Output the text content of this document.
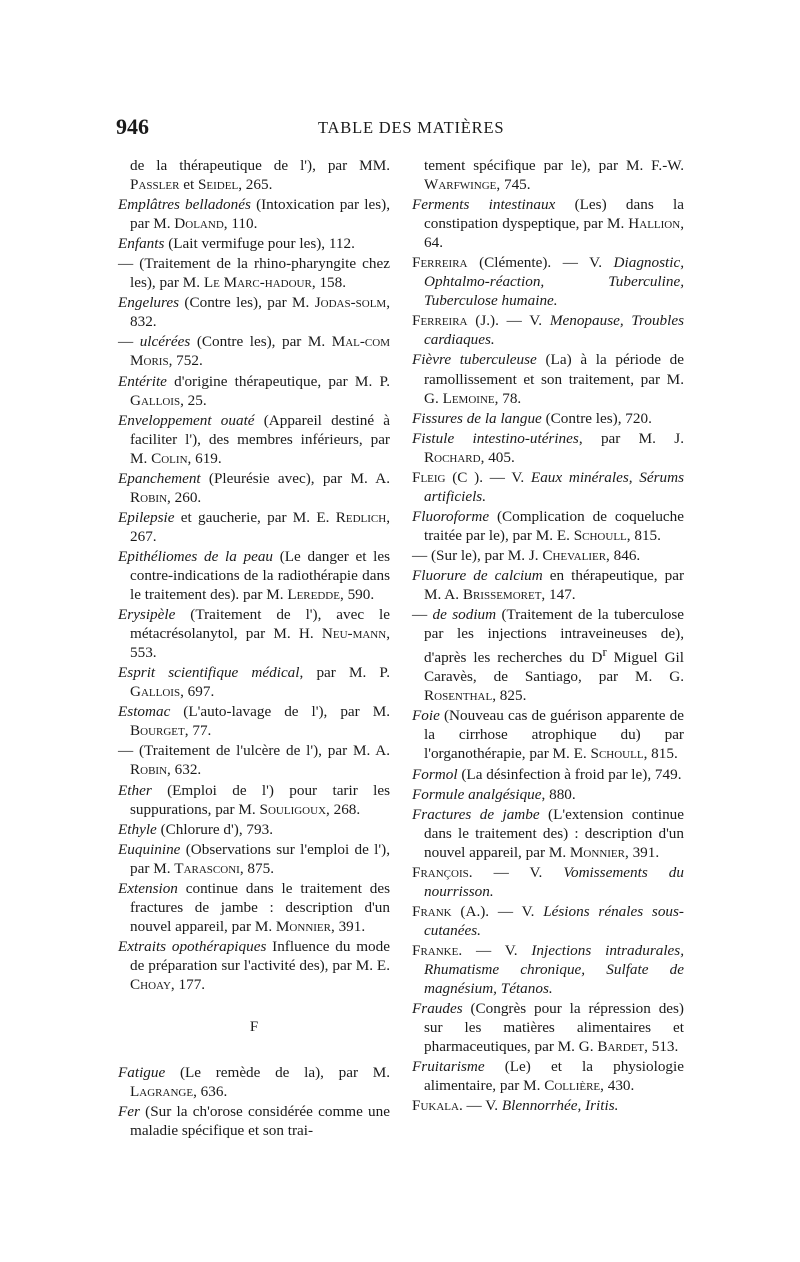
946	TABLE DES MATIÈRES
de la thérapeutique de l'), par MM. Passler et Seidel, 265.
Emplâtres belladonés (Intoxication par les), par M. Doland, 110.
Enfants (Lait vermifuge pour les), 112.
— (Traitement de la rhino-pharyngite chez les), par M. Le Marc-hadour, 158.
Engelures (Contre les), par M. Jodas-solm, 832.
— ulcérées (Contre les), par M. Mal-com Moris, 752.
Entérite d'origine thérapeutique, par M. P. Gallois, 25.
Enveloppement ouaté (Appareil destiné à faciliter l'), des membres inférieurs, par M. Colin, 619.
Epanchement (Pleurésie avec), par M. A. Robin, 260.
Epilepsie et gaucherie, par M. E. Redlich, 267.
Epithéliomes de la peau (Le danger et les contre-indications de la radiothérapie dans le traitement des). par M. Leredde, 590.
Erysipèle (Traitement de l'), avec le métacrésolanytol, par M. H. Neu-mann, 553.
Esprit scientifique médical, par M. P. Gallois, 697.
Estomac (L'auto-lavage de l'), par M. Bourget, 77.
— (Traitement de l'ulcère de l'), par M. A. Robin, 632.
Ether (Emploi de l') pour tarir les suppurations, par M. Souligoux, 268.
Ethyle (Chlorure d'), 793.
Euquinine (Observations sur l'emploi de l'), par M. Tarasconi, 875.
Extension continue dans le traitement des fractures de jambe : description d'un nouvel appareil, par M. Monnier, 391.
Extraits opothérapiques Influence du mode de préparation sur l'activité des), par M. E. Choay, 177.
F
Fatigue (Le remède de la), par M. Lagrange, 636.
Fer (Sur la ch'orose considérée comme une maladie spécifique et son trai-
tement spécifique par le), par M. F.-W. Warfwinge, 745.
Ferments intestinaux (Les) dans la constipation dyspeptique, par M. Hallion, 64.
Ferreira (Clémente). — V. Diagnostic, Ophtalmo-réaction, Tuberculine, Tuberculose humaine.
Ferreira (J.). — V. Menopause, Troubles cardiaques.
Fièvre tuberculeuse (La) à la période de ramollissement et son traitement, par M. G. Lemoine, 78.
Fissures de la langue (Contre les), 720.
Fistule intestino-utérines, par M. J. Rochard, 405.
Fleig (C ). — V. Eaux minérales, Sérums artificiels.
Fluoroforme (Complication de coqueluche traitée par le), par M. E. Schoull, 815.
— (Sur le), par M. J. Chevalier, 846.
Fluorure de calcium en thérapeutique, par M. A. Brissemoret, 147.
— de sodium (Traitement de la tuberculose par les injections intraveineuses de), d'après les recherches du $D^r$ Miguel Gil Caravès, de Santiago, par M. G. Rosenthal, 825.
Foie (Nouveau cas de guérison apparente de la cirrhose atrophique du) par l'organothérapie, par M. E. Schoull, 815.
Formol (La désinfection à froid par le), 749.
Formule analgésique, 880.
Fractures de jambe (L'extension continue dans le traitement des) : description d'un nouvel appareil, par M. Monnier, 391.
François. — V. Vomissements du nourrisson.
Frank (A.). — V. Lésions rénales sous-cutanées.
Franke. — V. Injections intradurales, Rhumatisme chronique, Sulfate de magnésium, Tétanos.
Fraudes (Congrès pour la répression des) sur les matières alimentaires et pharmaceutiques, par M. G. Bardet, 513.
Fruitarisme (Le) et la physiologie alimentaire, par M. Collière, 430.
Fukala. — V. Blennorrhée, Iritis.
